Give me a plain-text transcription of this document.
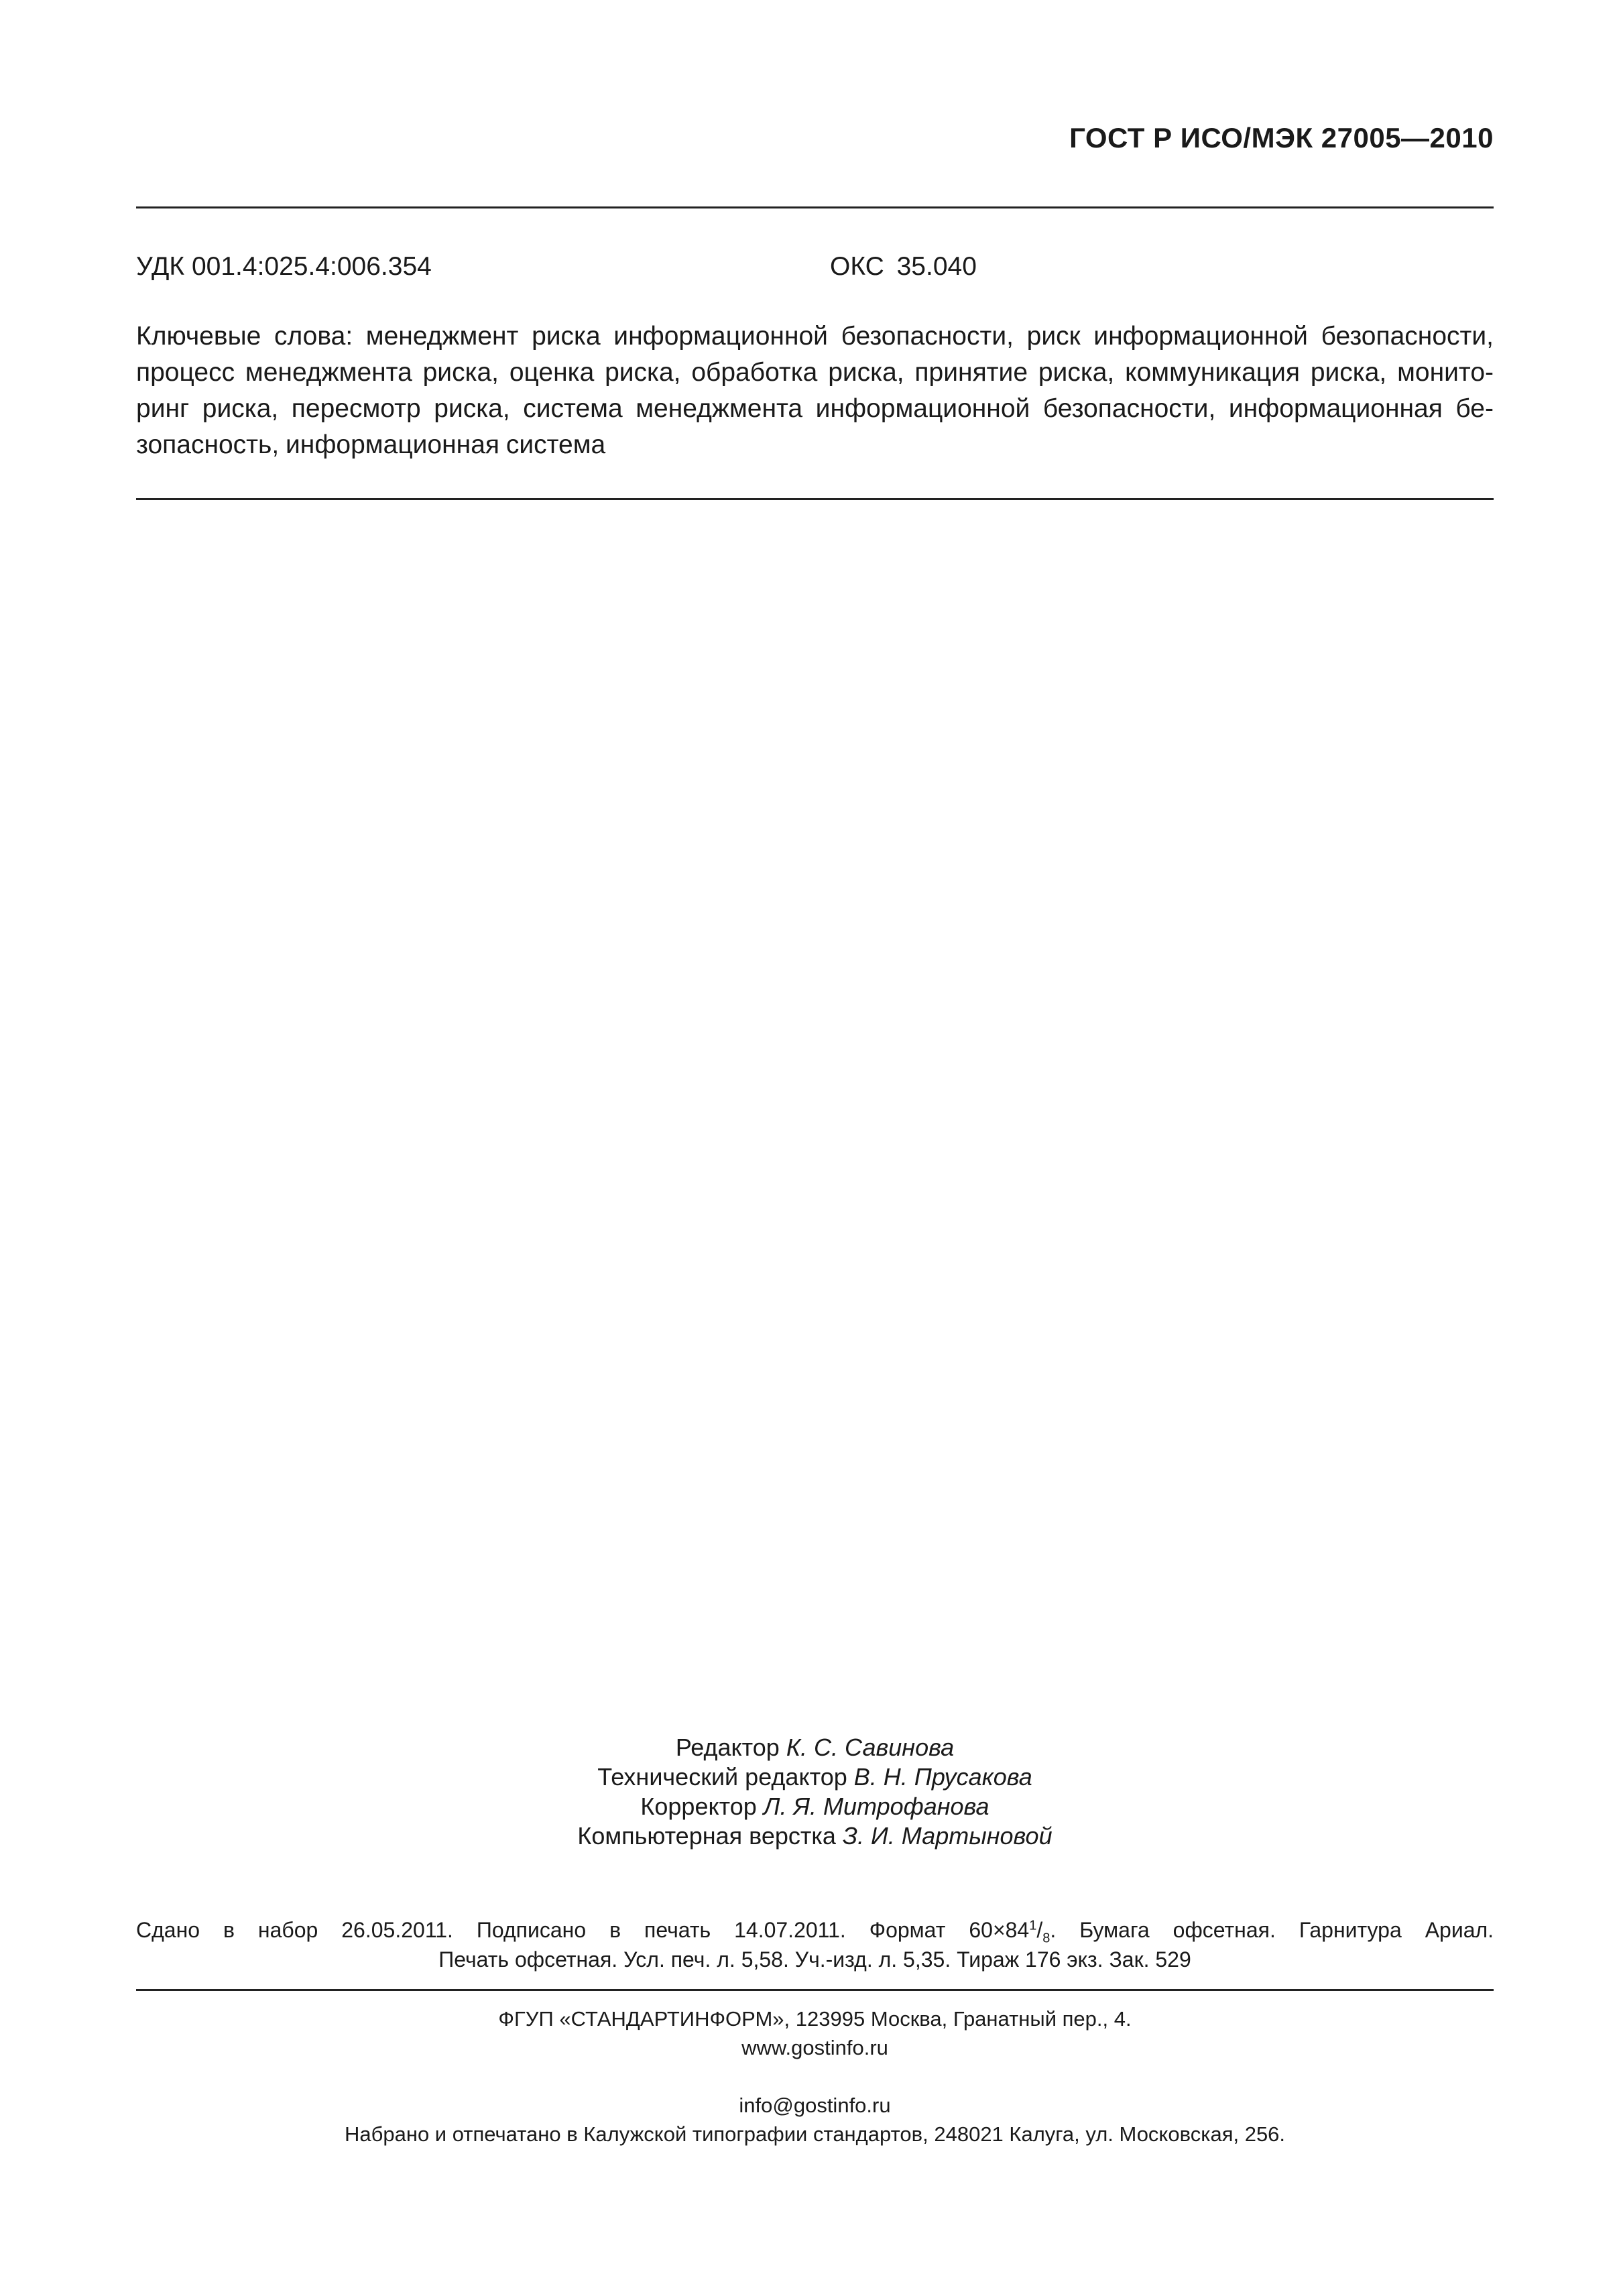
ГОСТ Р ИСО/МЭК 27005—2010
УДК 001.4:025.4:006.354	ОКС 35.040
Ключевые слова: менеджмент риска информационной безопасности, риск информационной безопасности,
процесс менеджмента риска, оценка риска, обработка риска, принятие риска, коммуникация риска, монито-
ринг риска, пересмотр риска, система менеджмента информационной безопасности, информационная бе-
зопасность, информационная система
Редактор К. С. Савинова
Технический редактор В. Н. Прусакова
Корректор Л. Я. Митрофанова
Компьютерная верстка З. И. Мартыновой
Сдано в набор 26.05.2011. Подписано в печать 14.07.2011. Формат $60\times 84^1/_8$. Бумага офсетная. Гарнитура Ариал.
Печать офсетная. Усл. печ. л. 5,58. Уч.-изд. л. 5,35. Тираж 176 экз. Зак. 529
ФГУП «СТАНДАРТИНФОРМ», 123995 Москва, Гранатный пер., 4.
www.gostinfo.ru
info@gostinfo.ru
Набрано и отпечатано в Калужской типографии стандартов, 248021 Калуга, ул. Московская, 256.
